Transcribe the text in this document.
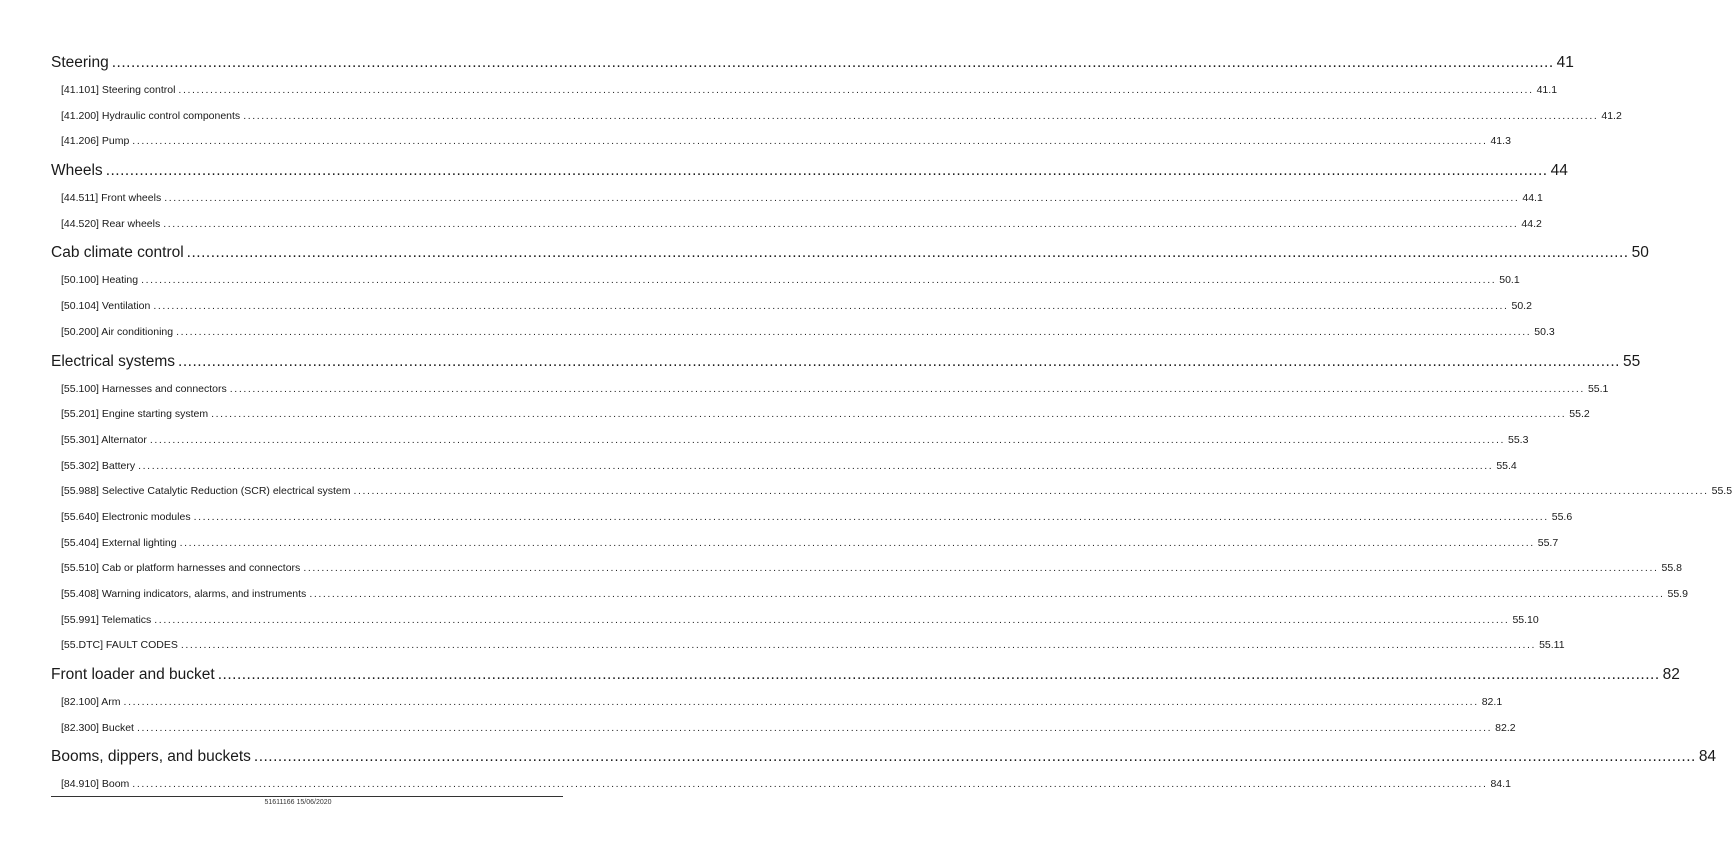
Steering ............................................................................................................................................................................................................................................................................................................ 41
[41.101] Steering control ............................................................................................................................................................................................................................................................................................................ 41.1
[41.200] Hydraulic control components ............................................................................................................................................................................................................................................................................................................ 41.2
[41.206] Pump ............................................................................................................................................................................................................................................................................................................ 41.3
Wheels ............................................................................................................................................................................................................................................................................................................ 44
[44.511] Front wheels ............................................................................................................................................................................................................................................................................................................ 44.1
[44.520] Rear wheels ............................................................................................................................................................................................................................................................................................................ 44.2
Cab climate control ............................................................................................................................................................................................................................................................................................................ 50
[50.100] Heating ............................................................................................................................................................................................................................................................................................................ 50.1
[50.104] Ventilation ............................................................................................................................................................................................................................................................................................................ 50.2
[50.200] Air conditioning ............................................................................................................................................................................................................................................................................................................ 50.3
Electrical systems ............................................................................................................................................................................................................................................................................................................ 55
[55.100] Harnesses and connectors ............................................................................................................................................................................................................................................................................................................ 55.1
[55.201] Engine starting system ............................................................................................................................................................................................................................................................................................................ 55.2
[55.301] Alternator ............................................................................................................................................................................................................................................................................................................ 55.3
[55.302] Battery ............................................................................................................................................................................................................................................................................................................ 55.4
[55.988] Selective Catalytic Reduction (SCR) electrical system ............................................................................................................................................................................................................................................................................................................ 55.5
[55.640] Electronic modules ............................................................................................................................................................................................................................................................................................................ 55.6
[55.404] External lighting ............................................................................................................................................................................................................................................................................................................ 55.7
[55.510] Cab or platform harnesses and connectors ............................................................................................................................................................................................................................................................................................................ 55.8
[55.408] Warning indicators, alarms, and instruments ............................................................................................................................................................................................................................................................................................................ 55.9
[55.991] Telematics ............................................................................................................................................................................................................................................................................................................ 55.10
[55.DTC] FAULT CODES ............................................................................................................................................................................................................................................................................................................ 55.11
Front loader and bucket ............................................................................................................................................................................................................................................................................................................ 82
[82.100] Arm ............................................................................................................................................................................................................................................................................................................ 82.1
[82.300] Bucket ............................................................................................................................................................................................................................................................................................................ 82.2
Booms, dippers, and buckets ............................................................................................................................................................................................................................................................................................................ 84
[84.910] Boom ............................................................................................................................................................................................................................................................................................................ 84.1
51611166 15/06/2020
